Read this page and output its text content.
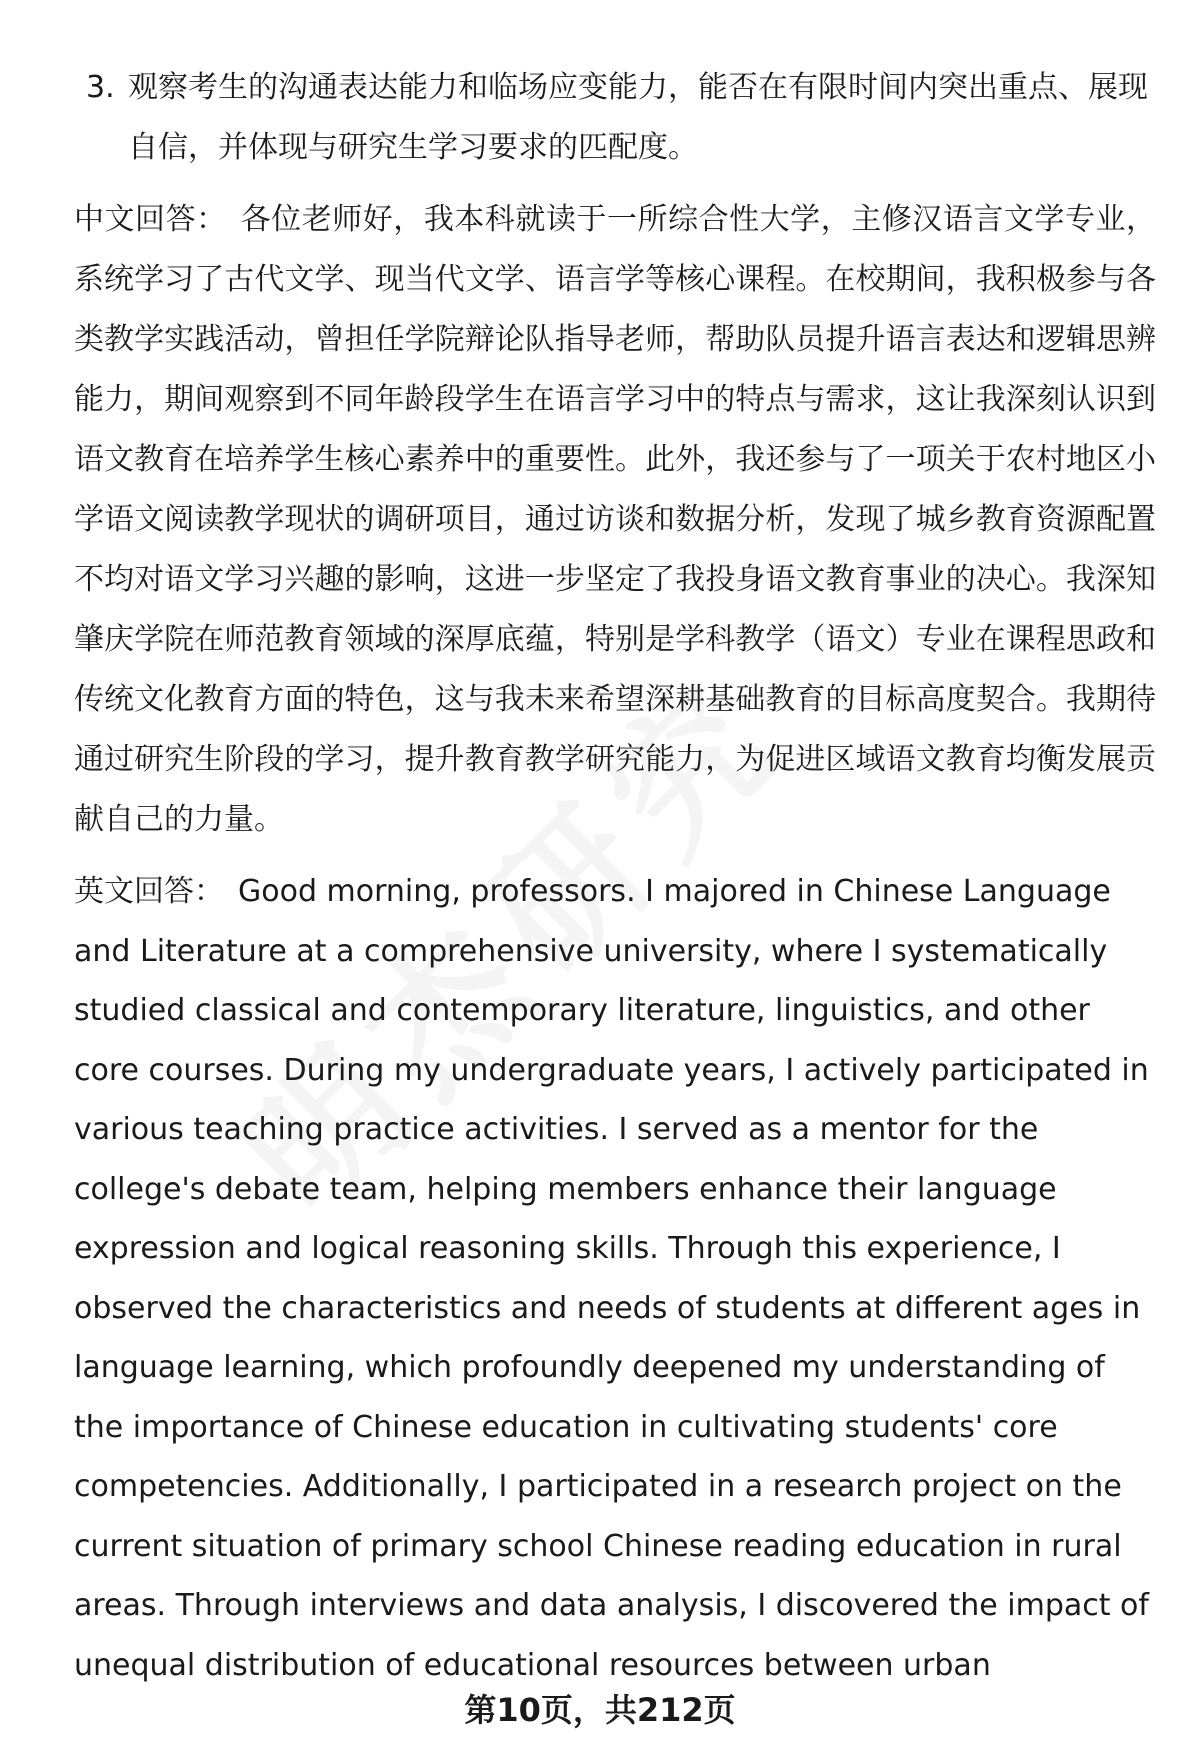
3. 观察考生的沟通表达能力和临场应变能力，能否在有限时间内突出重点、展现自信，并体现与研究生学习要求的匹配度。

中文回答： 各位老师好，我本科就读于一所综合性大学，主修汉语言文学专业，系统学习了古代文学、现当代文学、语言学等核心课程。在校期间，我积极参与各类教学实践活动，曾担任学院辩论队指导老师，帮助队员提升语言表达和逻辑思辨能力，期间观察到不同年龄段学生在语言学习中的特点与需求，这让我深刻认识到语文教育在培养学生核心素养中的重要性。此外，我还参与了一项关于农村地区小学语文阅读教学现状的调研项目，通过访谈和数据分析，发现了城乡教育资源配置不均对语文学习兴趣的影响，这进一步坚定了我投身语文教育事业的决心。我深知肇庆学院在师范教育领域的深厚底蕴，特别是学科教学（语文）专业在课程思政和传统文化教育方面的特色，这与我未来希望深耕基础教育的目标高度契合。我期待通过研究生阶段的学习，提升教育教学研究能力，为促进区域语文教育均衡发展贡献自己的力量。

英文回答： Good morning, professors. I majored in Chinese Language and Literature at a comprehensive university, where I systematically studied classical and contemporary literature, linguistics, and other core courses. During my undergraduate years, I actively participated in various teaching practice activities. I served as a mentor for the college's debate team, helping members enhance their language expression and logical reasoning skills. Through this experience, I observed the characteristics and needs of students at different ages in language learning, which profoundly deepened my understanding of the importance of Chinese education in cultivating students' core competencies. Additionally, I participated in a research project on the current situation of primary school Chinese reading education in rural areas. Through interviews and data analysis, I discovered the impact of unequal distribution of educational resources between urban

第10页，共212页
